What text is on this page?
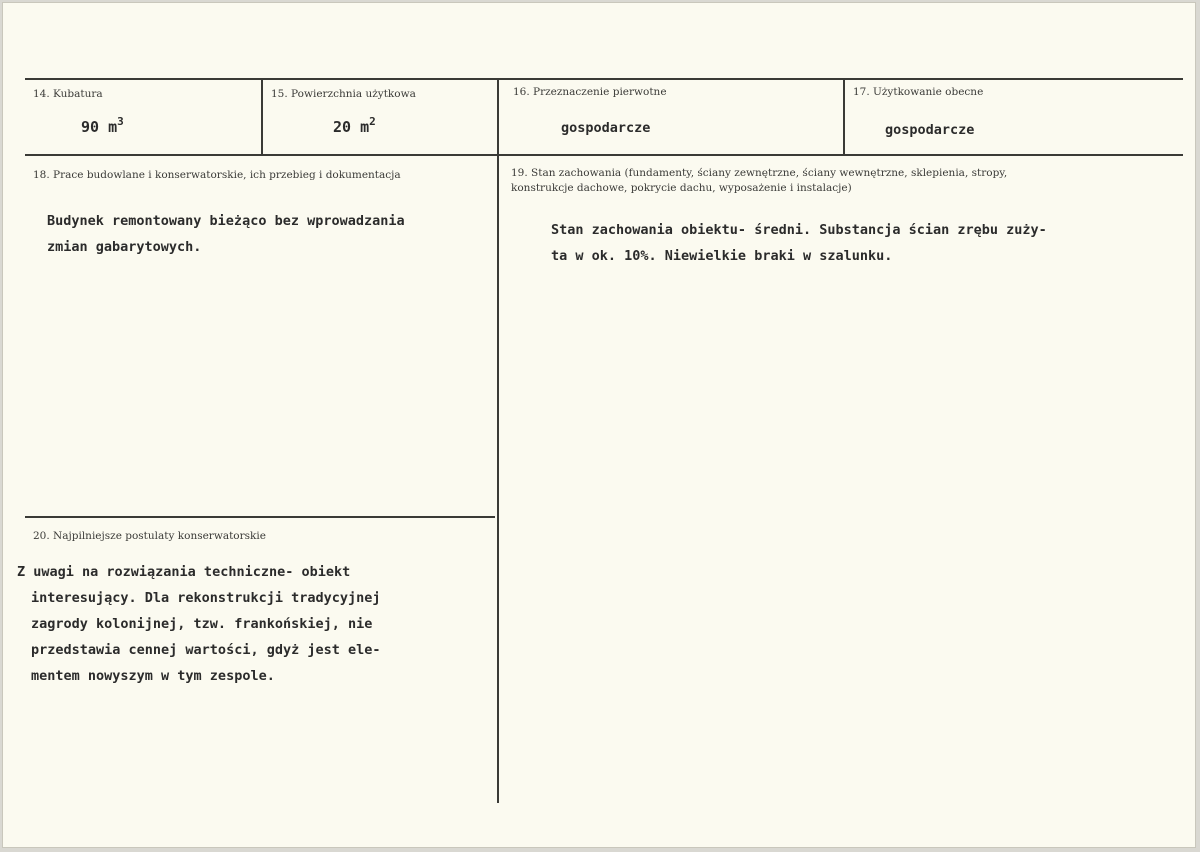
14. Kubatura
90 $m^3$
15. Powierzchnia użytkowa
20 $m^2$
16. Przeznaczenie pierwotne
gospodarcze
17. Użytkowanie obecne
gospodarcze
18. Prace budowlane i konserwatorskie, ich przebieg i dokumentacja
Budynek remontowany bieżąco bez wprowadzania
zmian gabarytowych.
19. Stan zachowania (fundamenty, ściany zewnętrzne, ściany wewnętrzne, sklepienia, stropy,
konstrukcje dachowe, pokrycie dachu, wyposażenie i instalacje)
Stan zachowania obiektu- średni. Substancja ścian zrębu zuży-
ta w ok. 10%. Niewielkie braki w szalunku.
20. Najpilniejsze postulaty konserwatorskie
Z uwagi na rozwiązania techniczne- obiekt
interesujący. Dla rekonstrukcji tradycyjnej
zagrody kolonijnej, tzw. frankońskiej, nie
przedstawia cennej wartości, gdyż jest ele-
mentem nowyszym w tym zespole.
